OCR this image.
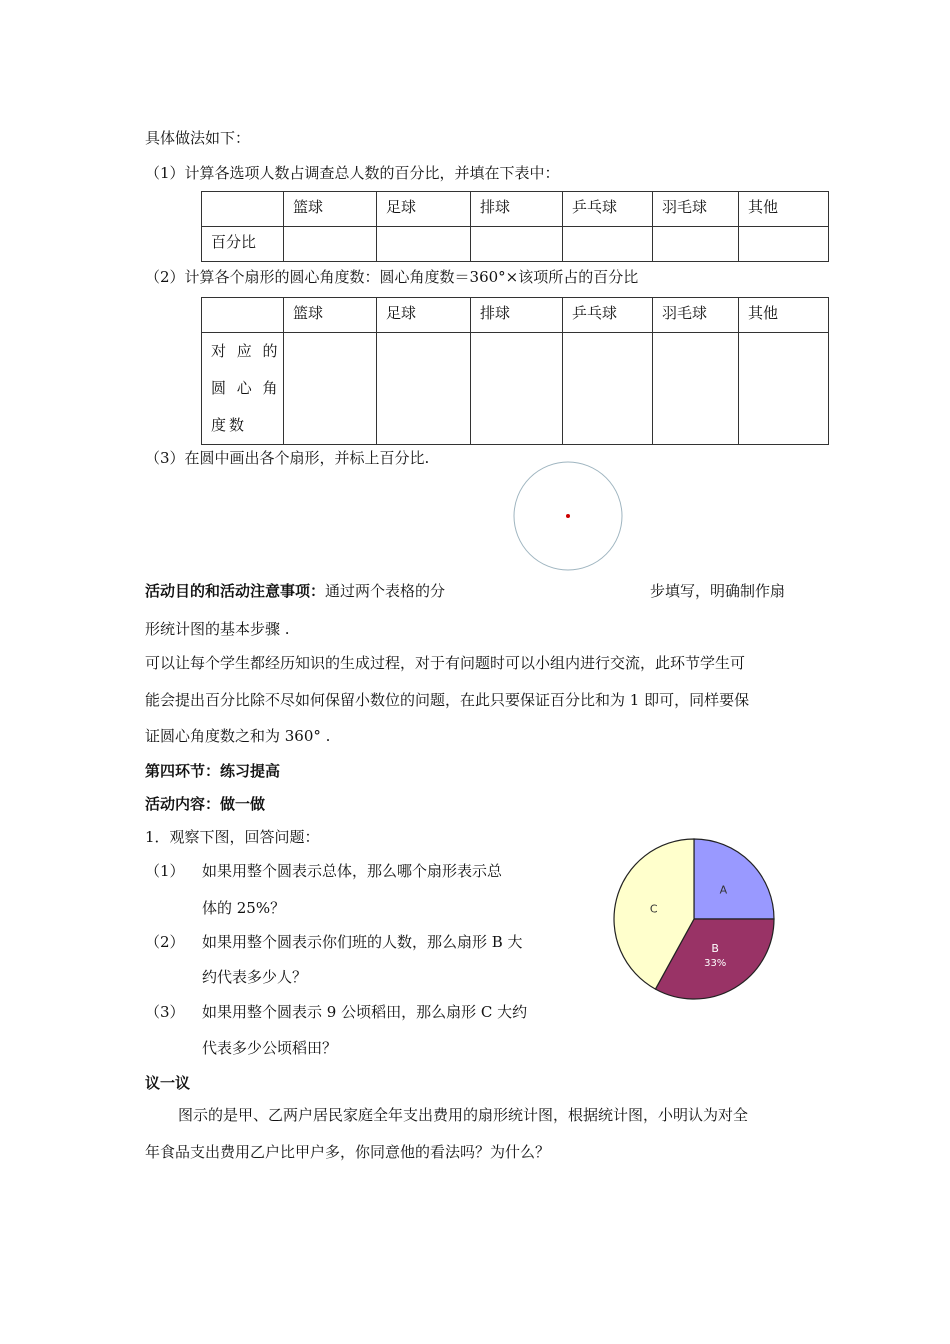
具体做法如下：
（1）计算各选项人数占调查总人数的百分比，并填在下表中：
	篮球	足球	排球	乒乓球	羽毛球	其他
百分比						
（2）计算各个扇形的圆心角度数：圆心角度数＝360°×该项所占的百分比
	篮球	足球	排球	乒乓球	羽毛球	其他

对 应 的
圆 心 角
度数						

（3）在圆中画出各个扇形，并标上百分比.
活动目的和活动注意事项：通过两个表格的分	步填写，明确制作扇
形统计图的基本步骤 .
可以让每个学生都经历知识的生成过程，对于有问题时可以小组内进行交流，此环节学生可
能会提出百分比除不尽如何保留小数位的问题，在此只要保证百分比和为 1 即可，同样要保
证圆心角度数之和为 360° .
第四环节：练习提高
活动内容：做一做
1．观察下图，回答问题：
（1） 如果用整个圆表示总体，那么哪个扇形表示总
体的 25%？
（2） 如果用整个圆表示你们班的人数，那么扇形 B 大
约代表多少人？
（3） 如果用整个圆表示 9 公顷稻田，那么扇形 C 大约
代表多少公顷稻田？
A
B
33%
C
议一议
图示的是甲、乙两户居民家庭全年支出费用的扇形统计图，根据统计图，小明认为对全
年食品支出费用乙户比甲户多，你同意他的看法吗？为什么？
